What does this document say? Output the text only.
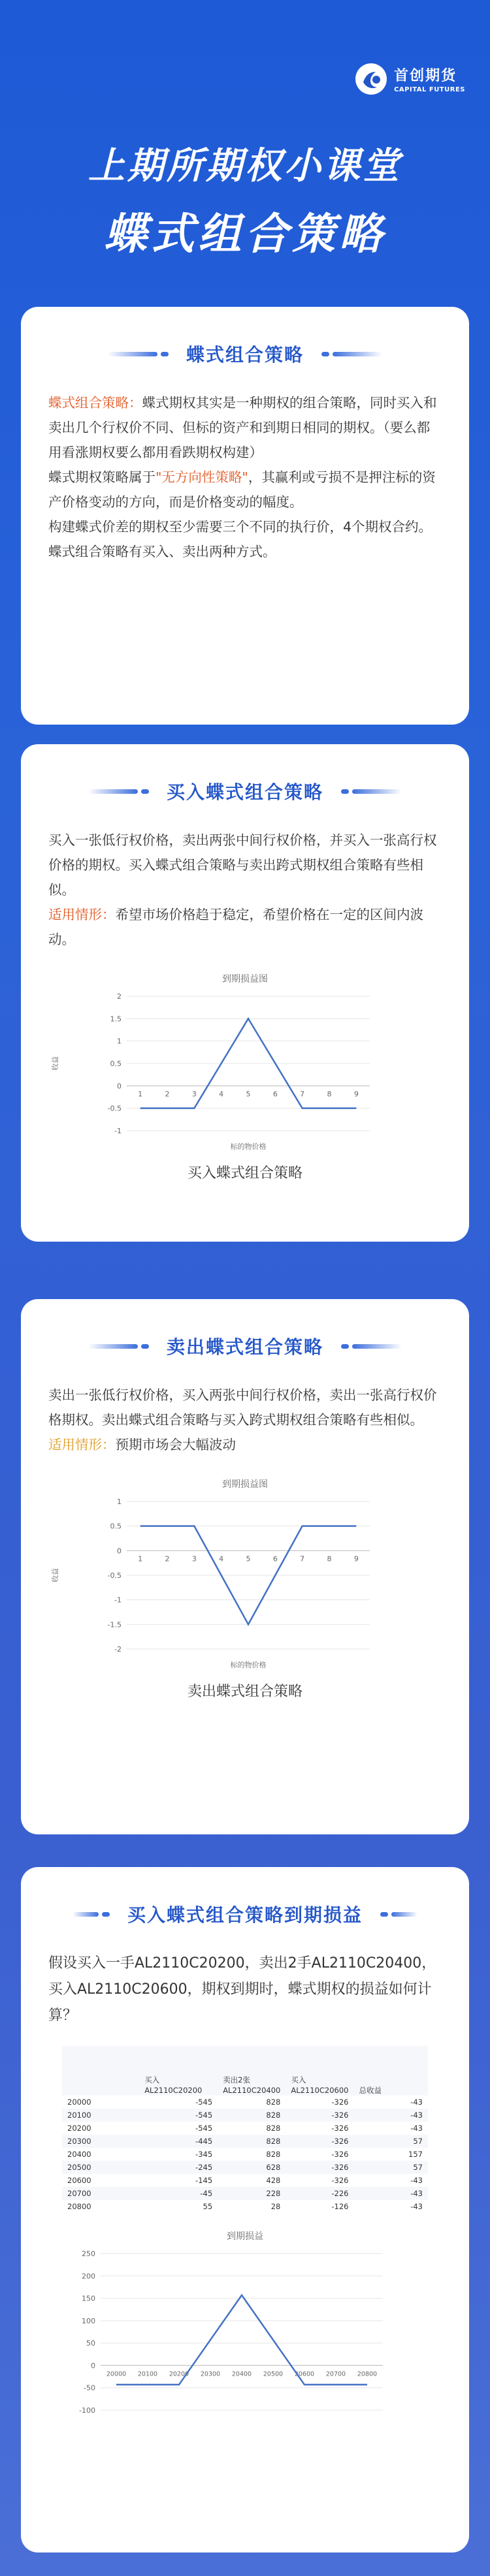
首创期货
CAPITAL FUTURES
上期所期权小课堂
蝶式组合策略
蝶式组合策略

蝶式组合策略：蝶式期权其实是一种期权的组合策略，同时买入和卖出几个行权价不同、但标的资产和到期日相同的期权。（要么都用看涨期权要么都用看跌期权构建）

蝶式期权策略属于"无方向性策略"，其赢利或亏损不是押注标的资产价格变动的方向，而是价格变动的幅度。

构建蝶式价差的期权至少需要三个不同的执行价，4个期权合约。

蝶式组合策略有买入、卖出两种方式。

买入蝶式组合策略

买入一张低行权价格，卖出两张中间行权价格，并买入一张高行权价格的期权。买入蝶式组合策略与卖出跨式期权组合策略有些相似。

适用情形：希望市场价格趋于稳定，希望价格在一定的区间内波动。

到期损益图
2
1.5
1
0.5
0
-0.5
-1
1	2	3	4	5	6	7	8	9
收益
标的物价格
买入蝶式组合策略
卖出蝶式组合策略

卖出一张低行权价格，买入两张中间行权价格，卖出一张高行权价格期权。卖出蝶式组合策略与买入跨式期权组合策略有些相似。

适用情形：预期市场会大幅波动

到期损益图
1
0.5
0
-0.5
-1
-1.5
-2
1	2	3	4	5	6	7	8	9
收益
标的物价格
卖出蝶式组合策略
买入蝶式组合策略到期损益

假设买入一手AL2110C20200，卖出2手AL2110C20400，买入AL2110C20600，期权到期时，蝶式期权的损益如何计算？

	买入AL2110C20200	卖出2张AL2110C20400	买入AL2110C20600	总收益
20000	-545	828	-326	-43
20100	-545	828	-326	-43
20200	-545	828	-326	-43
20300	-445	828	-326	57
20400	-345	828	-326	157
20500	-245	628	-326	57
20600	-145	428	-326	-43
20700	-45	228	-226	-43
20800	55	28	-126	-43
到期损益
250
200
150
100
50
0
-50
-100
20000 20100 20200 20300 20400 20500 20600 20700 20800
